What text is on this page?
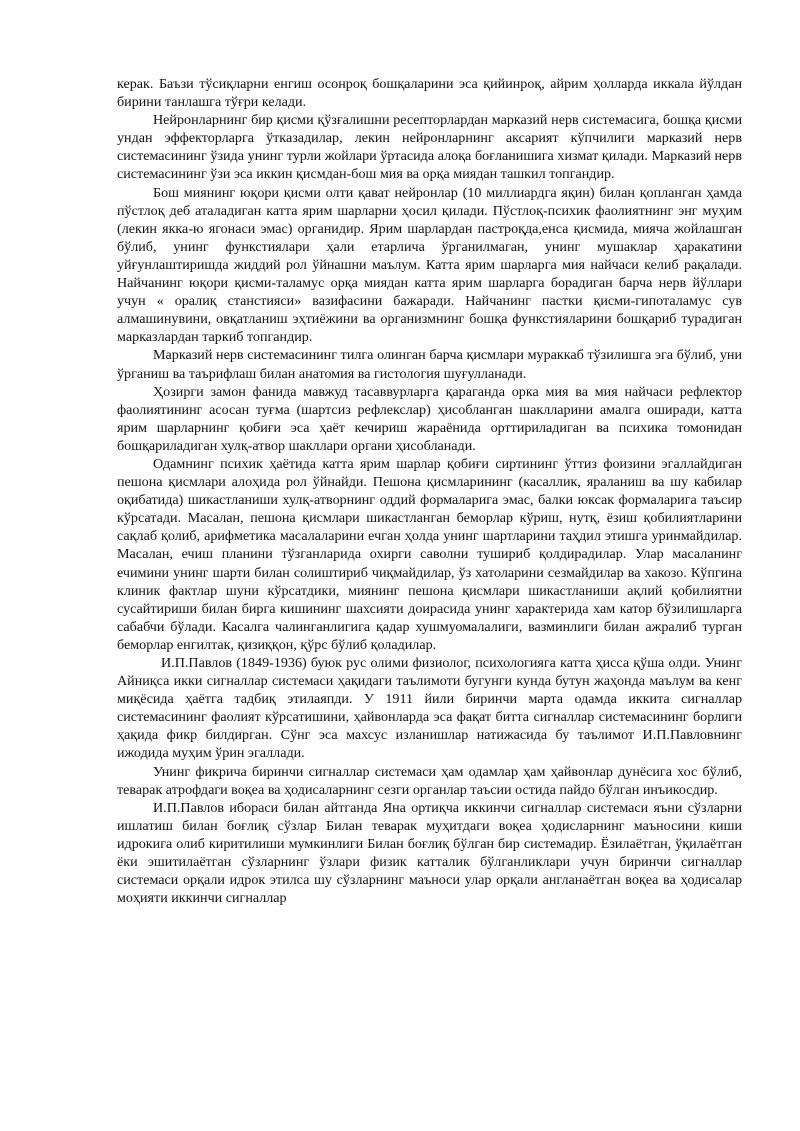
керак. Баъзи тўсиқларни енгиш осонроқ бошқаларини эса қийинроқ, айрим ҳолларда иккала йўлдан бирини танлашга тўғри келади.

Нейронларнинг бир қисми қўзғалишни ресепторлардан марказий нерв системасига, бошқа қисми ундан эффекторларга ўтказадилар, лекин нейронларнинг аксарият кўпчилиги марказий нерв системасининг ўзида унинг турли жойлари ўртасида алоқа боғланишига хизмат қилади. Марказий нерв системасининг ўзи эса иккин қисмдан-бош мия ва орқа миядан ташкил топгандир.

Бош миянинг юқори қисми олти қават нейронлар (10 миллиардга яқин) билан қопланган ҳамда пўстлоқ деб аталадиган катта ярим шарларни ҳосил қилади. Пўстлоқ-психик фаолиятнинг энг муҳим (лекин якка-ю ягонаси эмас) органидир. Ярим шарлардан пастроқда,енса қисмида, мияча жойлашган бўлиб, унинг функстиялари ҳали етарлича ўрганилмаган, унинг мушаклар ҳаракатини уйғунлаштиришда жиддий рол ўйнашни маълум. Катта ярим шарларга мия найчаси келиб рақалади. Найчанинг юқори қисми-таламус орқа миядан катта ярим шарларга борадиган барча нерв йўллари учун « оралиқ станстияси» вазифасини бажаради. Найчанинг пастки қисми-гипоталамус сув алмашинувини, овқатланиш эҳтиёжини ва организмнинг бошқа функстияларини бошқариб турадиган марказлардан таркиб топгандир.

Марказий нерв системасининг тилга олинган барча қисмлари мураккаб тўзилишга эга бўлиб, уни ўрганиш ва таърифлаш билан анатомия ва гистология шуғулланади.

Ҳозирги замон фанида мавжуд тасаввурларга қараганда орка мия ва мия найчаси рефлектор фаолиятининг асосан туғма (шартсиз рефлекслар) ҳисобланган шаклларини амалга оширади, катта ярим шарларнинг қобиғи эса ҳаёт кечириш жараёнида орттириладиган ва психика томонидан бошқариладиган хулқ-атвор шакллари органи ҳисобланади.

Одамнинг психик ҳаётида катта ярим шарлар қобиғи сиртининг ўттиз фоизини эгаллайдиган пешона қисмлари алоҳида рол ўйнайди. Пешона қисмларининг (касаллик, яраланиш ва шу кабилар оқибатида) шикастланиши хулқ-атворнинг оддий формаларига эмас, балки юксак формаларига таъсир кўрсатади. Масалан, пешона қисмлари шикастланган беморлар кўриш, нутқ, ёзиш қобилиятларини сақлаб қолиб, арифметика масалаларини ечган ҳолда унинг шартларини таҳдил этишга уринмайдилар. Масалан, ечиш планини тўзганларида охирги саволни тушириб қолдирадилар. Улар масаланинг ечимини унинг шарти билан солиштириб чиқмайдилар, ўз хатоларини сезмайдилар ва хакозо. Кўпгина клиник фактлар шуни кўрсатдики, миянинг пешона қисмлари шикастланиши ақлий қобилиятни сусайтириши билан бирга кишининг шахсияти доирасида унинг характерида хам катор бўзилишларга сабабчи бўлади. Касалга чалинганлигига қадар хушмуомалалиги, вазминлиги билан ажралиб турган беморлар енгилтак, қизиққон, қўрс бўлиб қоладилар.

И.П.Павлов (1849-1936) буюк рус олими физиолог, психологияга катта ҳисса қўша олди. Унинг Айниқса икки сигналлар системаси ҳақидаги таълимоти бугунги кунда бутун жаҳонда маълум ва кенг миқёсида ҳаётга тадбиқ этилаяпди. У 1911 йили биринчи марта одамда иккита сигналлар системасининг фаолият кўрсатишини, ҳайвонларда эса фақат битта сигналлар системасининг борлиги ҳақида фикр билдирган. Сўнг эса махсус изланишлар натижасида бу таълимот И.П.Павловнинг ижодида муҳим ўрин эгаллади.

Унинг фикрича биринчи сигналлар системаси ҳам одамлар ҳам ҳайвонлар дунёсига хос бўлиб, теварак атрофдаги воқеа ва ҳодисаларнинг сезги органлар таъсии остида пайдо бўлган инъикосдир.

И.П.Павлов ибораси билан айтганда Яна ортиқча иккинчи сигналлар системаси яъни сўзларни ишлатиш билан боғлиқ сўзлар Билан теварак муҳитдаги воқеа ҳодисларнинг маъносини киши идрокига олиб киритилиши мумкинлиги Билан боғлиқ бўлган бир системадир. Ёзилаётган, ўқилаётган ёки эшитилаётган сўзларнинг ўзлари физик катталик бўлганликлари учун биринчи сигналлар системаси орқали идрок этилса шу сўзларнинг маъноси улар орқали англанаётган воқеа ва ҳодисалар моҳияти иккинчи сигналлар
